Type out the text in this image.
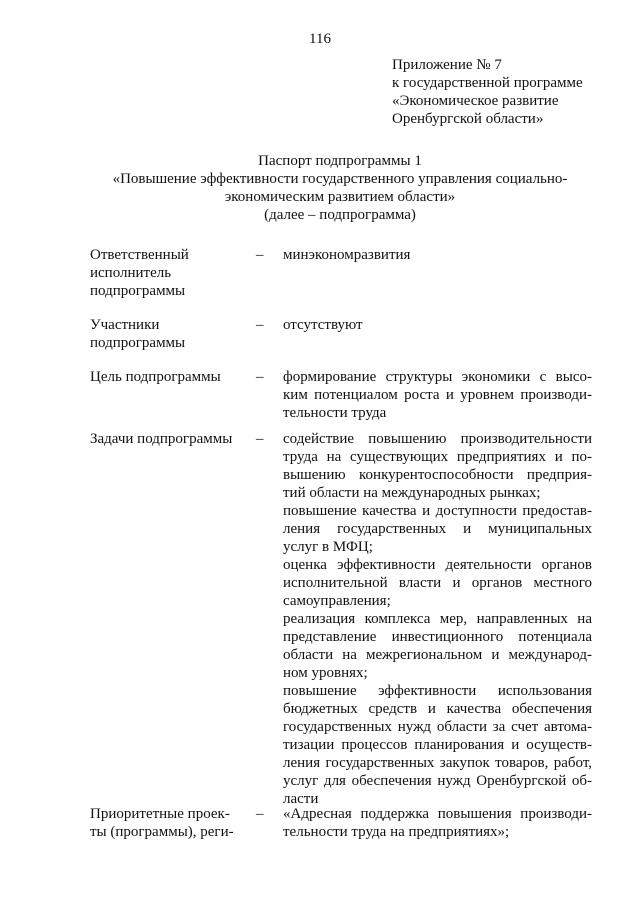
116
Приложение № 7
к государственной программе
«Экономическое развитие
Оренбургской области»
Паспорт подпрограммы 1
«Повышение эффективности государственного управления социально-
экономическим развитием области»
(далее – подпрограмма)
Ответственный
исполнитель
подпрограммы
– минэкономразвития
Участники
подпрограммы
– отсутствуют
Цель подпрограммы	– формирование структуры экономики с высо-
ким потенциалом роста и уровнем производи-
тельности труда
Задачи подпрограммы	– содействие повышению производительности
труда на существующих предприятиях и по-
вышению конкурентоспособности предприя-
тий области на международных рынках;
повышение качества и доступности предостав-
ления государственных и муниципальных
услуг в МФЦ;
оценка эффективности деятельности органов
исполнительной власти и органов местного
самоуправления;
реализация комплекса мер, направленных на
представление инвестиционного потенциала
области на межрегиональном и международ-
ном уровнях;
повышение эффективности использования
бюджетных средств и качества обеспечения
государственных нужд области за счет автома-
тизации процессов планирования и осуществ-
ления государственных закупок товаров, работ,
услуг для обеспечения нужд Оренбургской об-
ласти
Приоритетные проек-
ты (программы), реги-
– «Адресная поддержка повышения производи-
тельности труда на предприятиях»;
